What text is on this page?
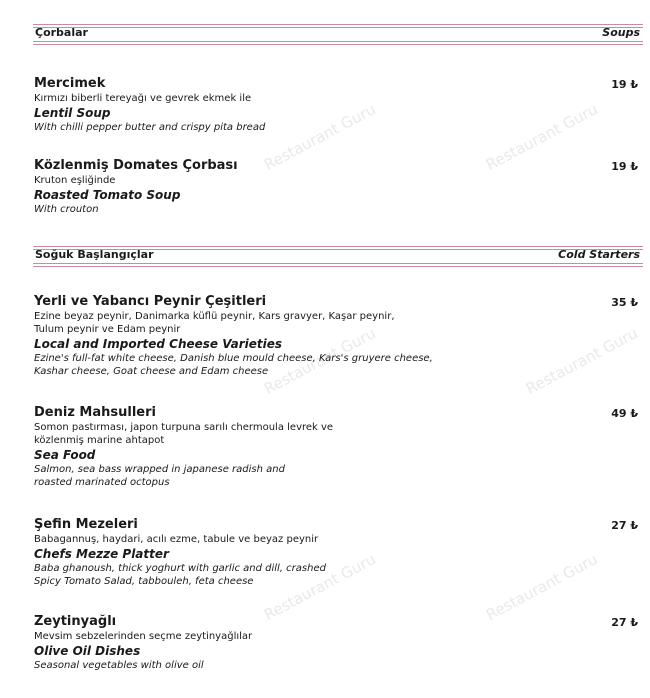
Restaurant Guru	Restaurant Guru
Restaurant Guru	Restaurant Guru
Restaurant Guru	Restaurant Guru
Çorbalar	Soups
Mercimek
Kırmızı biberli tereyağı ve gevrek ekmek ile
Lentil Soup
With chilli pepper butter and crispy pita bread
19 ₺
Közlenmiş Domates Çorbası
Kruton eşliğinde
Roasted Tomato Soup
With crouton
19 ₺
Soğuk Başlangıçlar	Cold Starters
Yerli ve Yabancı Peynir Çeşitleri
Ezine beyaz peynir, Danimarka küflü peynir, Kars gravyer, Kaşar peynir,
Tulum peynir ve Edam peynir
Local and Imported Cheese Varieties
Ezine's full-fat white cheese, Danish blue mould cheese, Kars's gruyere cheese,
Kashar cheese, Goat cheese and Edam cheese
35 ₺
Deniz Mahsulleri
Somon pastırması, japon turpuna sarılı chermoula levrek ve
közlenmiş marine ahtapot
Sea Food
Salmon, sea bass wrapped in japanese radish and
roasted marinated octopus
49 ₺
Şefin Mezeleri
Babagannuş, haydari, acılı ezme, tabule ve beyaz peynir
Chefs Mezze Platter
Baba ghanoush, thick yoghurt with garlic and dill, crashed
Spicy Tomato Salad, tabbouleh, feta cheese
27 ₺
Zeytinyağlı
Mevsim sebzelerinden seçme zeytinyağlılar
Olive Oil Dishes
Seasonal vegetables with olive oil
27 ₺
